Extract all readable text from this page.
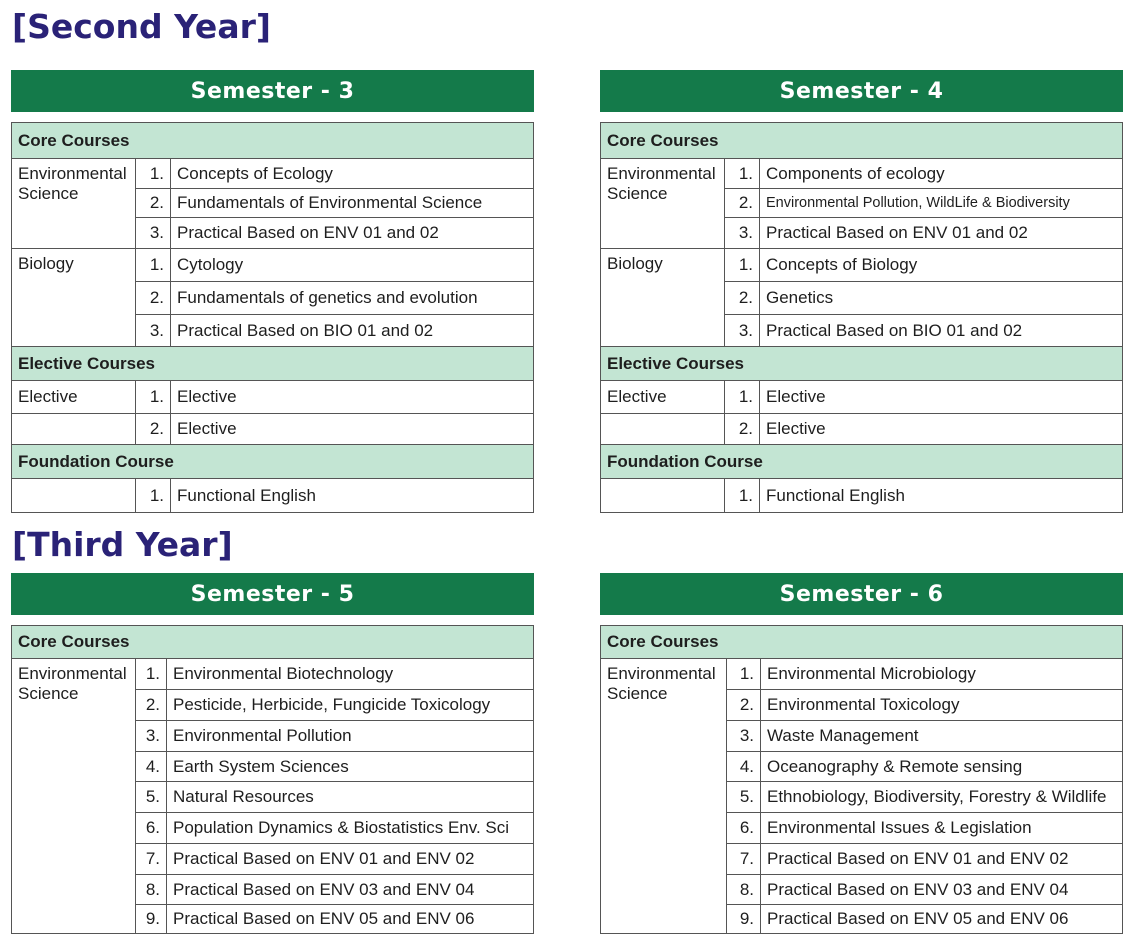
[Second Year]
Semester - 3
Core Courses		
Environmental Science	1.	Concepts of Ecology
	2.	Fundamentals of Environmental Science
	3.	Practical Based on ENV 01 and 02
Biology	1.	Cytology
	2.	Fundamentals of genetics and evolution
	3.	Practical Based on BIO 01 and 02
Elective Courses		
Elective	1.	Elective
	2.	Elective
Foundation Course		
	1.	Functional English
Semester - 4
Core Courses		
Environmental Science	1.	Components of ecology
	2.	Environmental Pollution, WildLife & Biodiversity
	3.	Practical Based on ENV 01 and 02
Biology	1.	Concepts of Biology
	2.	Genetics
	3.	Practical Based on BIO 01 and 02
Elective Courses		
Elective	1.	Elective
	2.	Elective
Foundation Course		
	1.	Functional English
[Third Year]
Semester - 5
Core Courses		
Environmental Science	1.	Environmental Biotechnology
	2.	Pesticide, Herbicide, Fungicide Toxicology
	3.	Environmental Pollution
	4.	Earth System Sciences
	5.	Natural Resources
	6.	Population Dynamics & Biostatistics Env. Sci
	7.	Practical Based on ENV 01 and ENV 02
	8.	Practical Based on ENV 03 and ENV 04
	9.	Practical Based on ENV 05 and ENV 06
Semester - 6
Core Courses		
Environmental Science	1.	Environmental Microbiology
	2.	Environmental Toxicology
	3.	Waste Management
	4.	Oceanography & Remote sensing
	5.	Ethnobiology, Biodiversity, Forestry & Wildlife
	6.	Environmental Issues & Legislation
	7.	Practical Based on ENV 01 and ENV 02
	8.	Practical Based on ENV 03 and ENV 04
	9.	Practical Based on ENV 05 and ENV 06
